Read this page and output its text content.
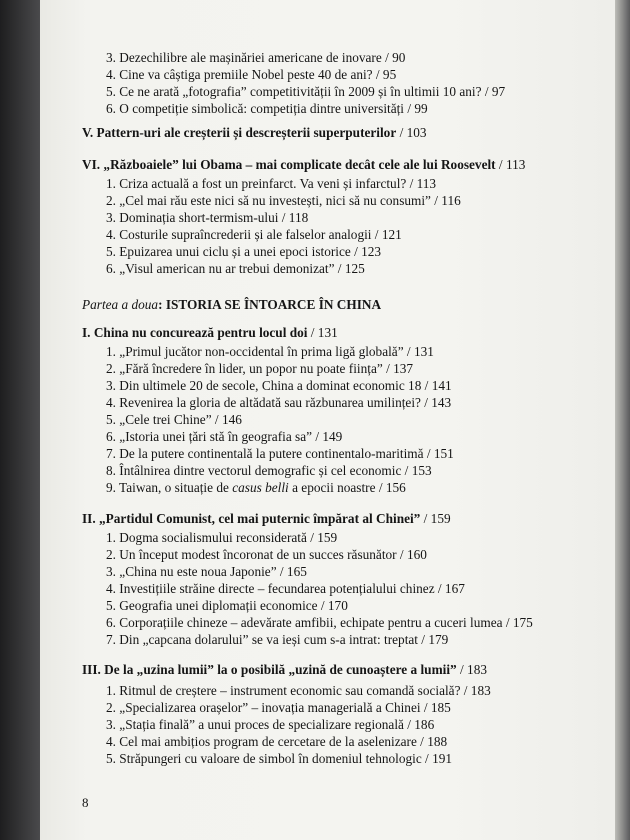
3. Dezechilibre ale mașinăriei americane de inovare / 90
4. Cine va câștiga premiile Nobel peste 40 de ani? / 95
5. Ce ne arată „fotografia” competitivității în 2009 și în ultimii 10 ani? / 97
6. O competiție simbolică: competiția dintre universități / 99
V. Pattern-uri ale creșterii și descreșterii superputerilor / 103
VI. „Războaiele” lui Obama – mai complicate decât cele ale lui Roosevelt / 113
1. Criza actuală a fost un preinfarct. Va veni și infarctul? / 113
2. „Cel mai rău este nici să nu investești, nici să nu consumi” / 116
3. Dominația short-termism-ului / 118
4. Costurile supraîncrederii și ale falselor analogii / 121
5. Epuizarea unui ciclu și a unei epoci istorice / 123
6. „Visul american nu ar trebui demonizat” / 125
Partea a doua: ISTORIA SE ÎNTOARCE ÎN CHINA
I. China nu concurează pentru locul doi / 131
1. „Primul jucător non-occidental în prima ligă globală” / 131
2. „Fără încredere în lider, un popor nu poate ființa” / 137
3. Din ultimele 20 de secole, China a dominat economic 18 / 141
4. Revenirea la gloria de altădată sau răzbunarea umilinței? / 143
5. „Cele trei Chine” / 146
6. „Istoria unei țări stă în geografia sa” / 149
7. De la putere continentală la putere continentalo-maritimă / 151
8. Întâlnirea dintre vectorul demografic și cel economic / 153
9. Taiwan, o situație de casus belli a epocii noastre / 156
II. „Partidul Comunist, cel mai puternic împărat al Chinei” / 159
1. Dogma socialismului reconsiderată / 159
2. Un început modest încoronat de un succes răsunător / 160
3. „China nu este noua Japonie” / 165
4. Investițiile străine directe – fecundarea potențialului chinez / 167
5. Geografia unei diplomații economice / 170
6. Corporațiile chineze – adevărate amfibii, echipate pentru a cuceri lumea / 175
7. Din „capcana dolarului” se va ieși cum s-a intrat: treptat / 179
III. De la „uzina lumii” la o posibilă „uzină de cunoaștere a lumii” / 183
1. Ritmul de creștere – instrument economic sau comandă socială? / 183
2. „Specializarea orașelor” – inovația managerială a Chinei / 185
3. „Stația finală” a unui proces de specializare regională / 186
4. Cel mai ambițios program de cercetare de la aselenizare / 188
5. Străpungeri cu valoare de simbol în domeniul tehnologic / 191
8
